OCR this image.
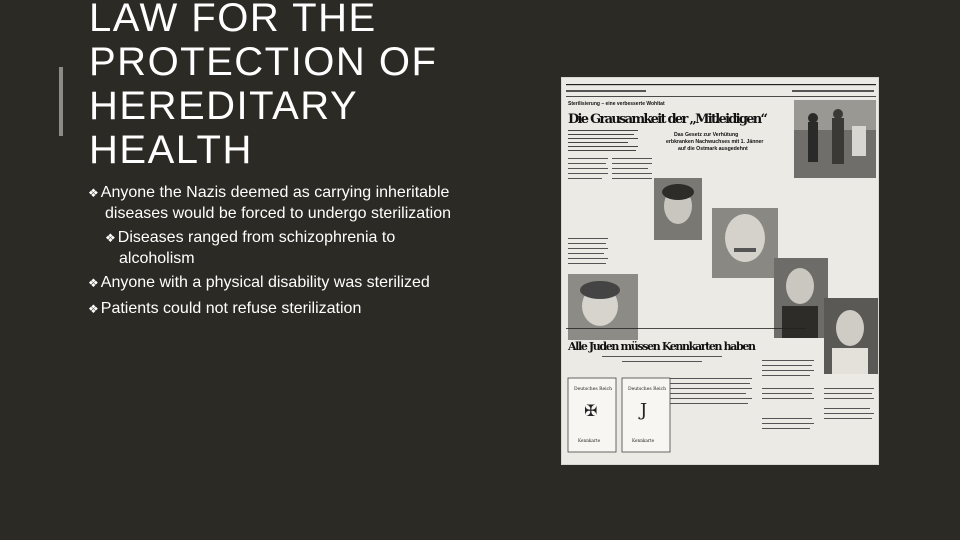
LAW FOR THE PROTECTION OF HEREDITARY HEALTH

❖ Anyone the Nazis deemed as carrying inheritable diseases would be forced to undergo sterilization

❖ Diseases ranged from schizophrenia to alcoholism

❖ Anyone with a physical disability was sterilized

❖ Patients could not refuse sterilization

Sterilisierung – eine verbesserte Wohltat
Die Grausamkeit der „Mitleidigen“
Das Gesetz zur Verhütung erbkranken Nachwuchses mit 1. Jänner auf die Ostmark ausgedehnt
Alle Juden müssen Kennkarten haben
Deutsches Reich
✠
Kennkarte
Deutsches Reich
J
Kennkarte
